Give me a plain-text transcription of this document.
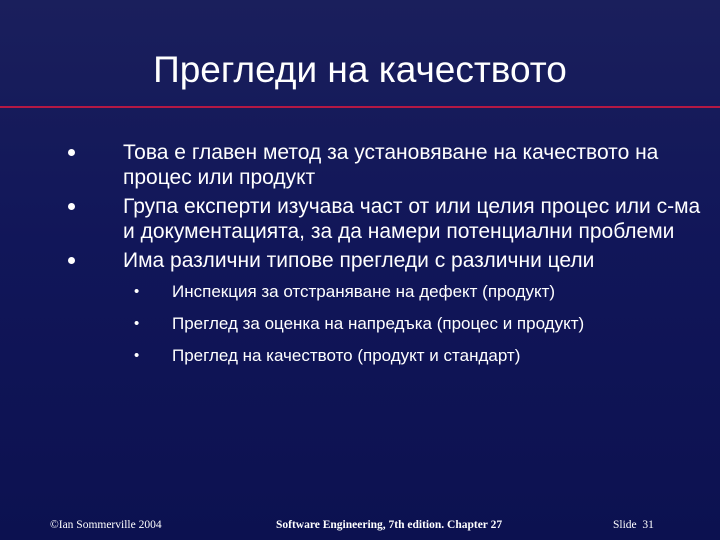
Прегледи на качеството
Това е главен метод за установяване на качеството на процес или продукт
Група експерти изучава част от или целия процес или с-ма и документацията, за да намери потенциални проблеми
Има различни типове прегледи с различни цели
• Инспекция за отстраняване на дефект (продукт)
• Преглед за оценка на напредъка (процес и продукт)
• Преглед на качеството (продукт и стандарт)
©Ian Sommerville 2004	Software Engineering, 7th edition. Chapter 27	Slide 31
